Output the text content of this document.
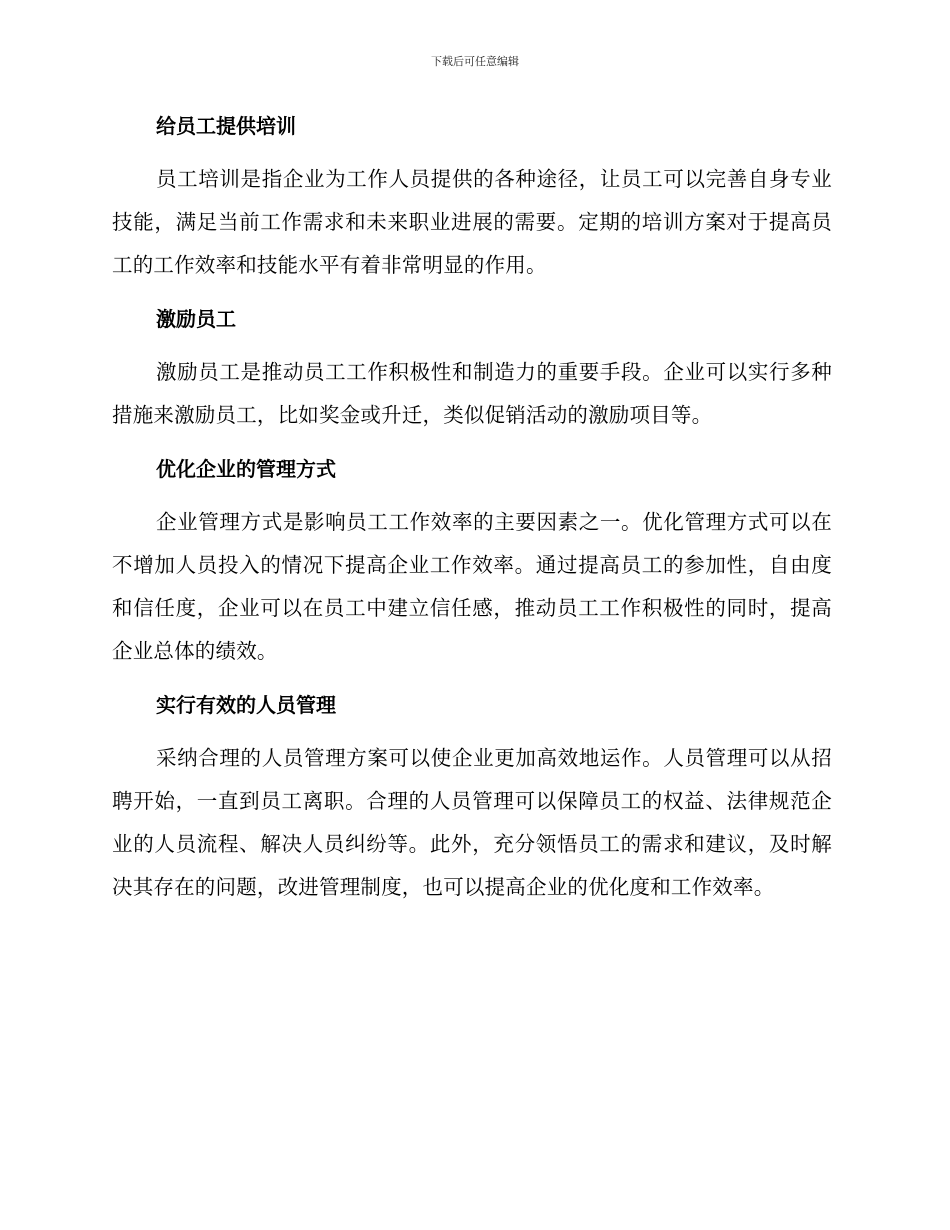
下载后可任意编辑
给员工提供培训

员工培训是指企业为工作人员提供的各种途径，让员工可以完善自身专业技能，满足当前工作需求和未来职业进展的需要。定期的培训方案对于提高员工的工作效率和技能水平有着非常明显的作用。

激励员工

激励员工是推动员工工作积极性和制造力的重要手段。企业可以实行多种措施来激励员工，比如奖金或升迁，类似促销活动的激励项目等。

优化企业的管理方式

企业管理方式是影响员工工作效率的主要因素之一。优化管理方式可以在不增加人员投入的情况下提高企业工作效率。通过提高员工的参加性，自由度和信任度，企业可以在员工中建立信任感，推动员工工作积极性的同时，提高企业总体的绩效。

实行有效的人员管理

采纳合理的人员管理方案可以使企业更加高效地运作。人员管理可以从招聘开始，一直到员工离职。合理的人员管理可以保障员工的权益、法律规范企业的人员流程、解决人员纠纷等。此外，充分领悟员工的需求和建议，及时解决其存在的问题，改进管理制度，也可以提高企业的优化度和工作效率。
